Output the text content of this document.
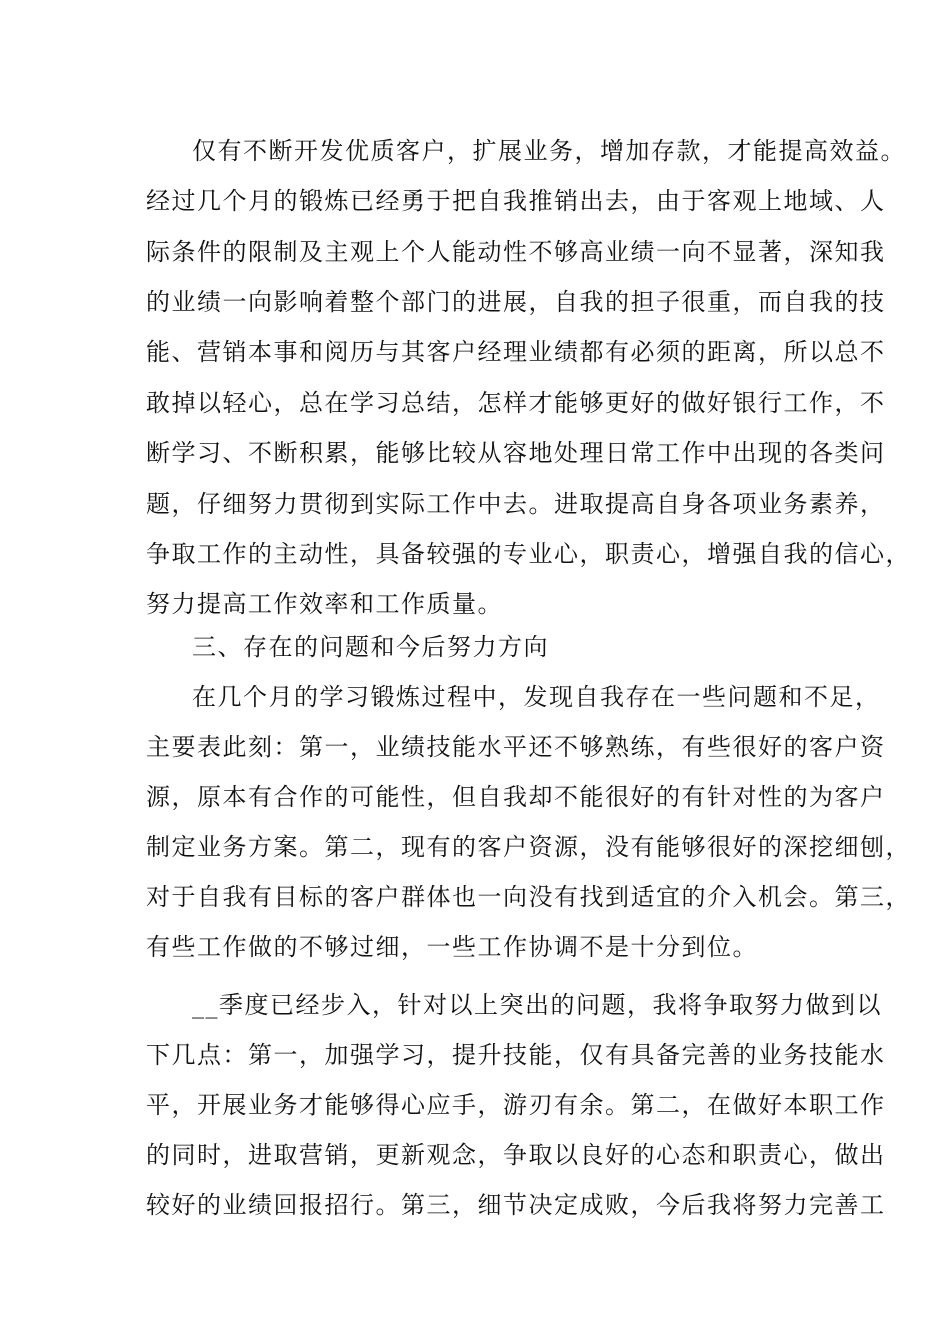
仅有不断开发优质客户，扩展业务，增加存款，才能提高效益。
经过几个月的锻炼已经勇于把自我推销出去，由于客观上地域、人
际条件的限制及主观上个人能动性不够高业绩一向不显著，深知我
的业绩一向影响着整个部门的进展，自我的担子很重，而自我的技
能、营销本事和阅历与其客户经理业绩都有必须的距离，所以总不
敢掉以轻心，总在学习总结，怎样才能够更好的做好银行工作，不
断学习、不断积累，能够比较从容地处理日常工作中出现的各类问
题，仔细努力贯彻到实际工作中去。进取提高自身各项业务素养，
争取工作的主动性，具备较强的专业心，职责心，增强自我的信心，
努力提高工作效率和工作质量。
三、存在的问题和今后努力方向
在几个月的学习锻炼过程中，发现自我存在一些问题和不足，
主要表此刻：第一，业绩技能水平还不够熟练，有些很好的客户资
源，原本有合作的可能性，但自我却不能很好的有针对性的为客户
制定业务方案。第二，现有的客户资源，没有能够很好的深挖细刨，
对于自我有目标的客户群体也一向没有找到适宜的介入机会。第三，
有些工作做的不够过细，一些工作协调不是十分到位。
__季度已经步入，针对以上突出的问题，我将争取努力做到以
下几点：第一，加强学习，提升技能，仅有具备完善的业务技能水
平，开展业务才能够得心应手，游刃有余。第二，在做好本职工作
的同时，进取营销，更新观念，争取以良好的心态和职责心，做出
较好的业绩回报招行。第三，细节决定成败，今后我将努力完善工
